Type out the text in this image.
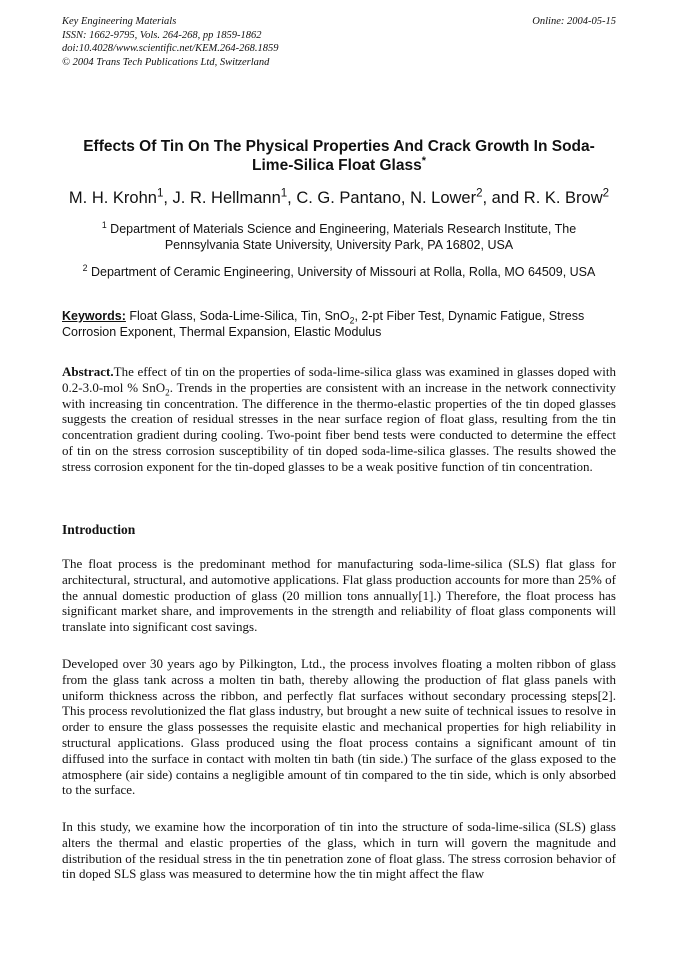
Key Engineering Materials
ISSN: 1662-9795, Vols. 264-268, pp 1859-1862
doi:10.4028/www.scientific.net/KEM.264-268.1859
© 2004 Trans Tech Publications Ltd, Switzerland
Online: 2004-05-15
Effects Of Tin On The Physical Properties And Crack Growth In Soda-
Lime-Silica Float Glass*
M. H. Krohn$^1$, J. R. Hellmann$^1$, C. G. Pantano, N. Lower$^2$, and R. K. Brow$^2$
$^1$ Department of Materials Science and Engineering, Materials Research Institute, The
Pennsylvania State University, University Park, PA 16802, USA
$^2$ Department of Ceramic Engineering, University of Missouri at Rolla, Rolla, MO 64509, USA
Keywords: Float Glass, Soda-Lime-Silica, Tin, SnO$_2$, 2-pt Fiber Test, Dynamic Fatigue, Stress Corrosion Exponent, Thermal Expansion, Elastic Modulus
Abstract.The effect of tin on the properties of soda-lime-silica glass was examined in glasses doped with 0.2-3.0-mol % SnO$_2$. Trends in the properties are consistent with an increase in the network connectivity with increasing tin concentration. The difference in the thermo-elastic properties of the tin doped glasses suggests the creation of residual stresses in the near surface region of float glass, resulting from the tin concentration gradient during cooling. Two-point fiber bend tests were conducted to determine the effect of tin on the stress corrosion susceptibility of tin doped soda-lime-silica glasses. The results showed the stress corrosion exponent for the tin-doped glasses to be a weak positive function of tin concentration.
Introduction
The float process is the predominant method for manufacturing soda-lime-silica (SLS) flat glass for architectural, structural, and automotive applications. Flat glass production accounts for more than 25% of the annual domestic production of glass (20 million tons annually[1].) Therefore, the float process has significant market share, and improvements in the strength and reliability of float glass components will translate into significant cost savings.
Developed over 30 years ago by Pilkington, Ltd., the process involves floating a molten ribbon of glass from the glass tank across a molten tin bath, thereby allowing the production of flat glass panels with uniform thickness across the ribbon, and perfectly flat surfaces without secondary processing steps[2]. This process revolutionized the flat glass industry, but brought a new suite of technical issues to resolve in order to ensure the glass possesses the requisite elastic and mechanical properties for high reliability in structural applications. Glass produced using the float process contains a significant amount of tin diffused into the surface in contact with molten tin bath (tin side.) The surface of the glass exposed to the atmosphere (air side) contains a negligible amount of tin compared to the tin side, which is only absorbed to the surface.
In this study, we examine how the incorporation of tin into the structure of soda-lime-silica (SLS) glass alters the thermal and elastic properties of the glass, which in turn will govern the magnitude and distribution of the residual stress in the tin penetration zone of float glass. The stress corrosion behavior of tin doped SLS glass was measured to determine how the tin might affect the flaw
